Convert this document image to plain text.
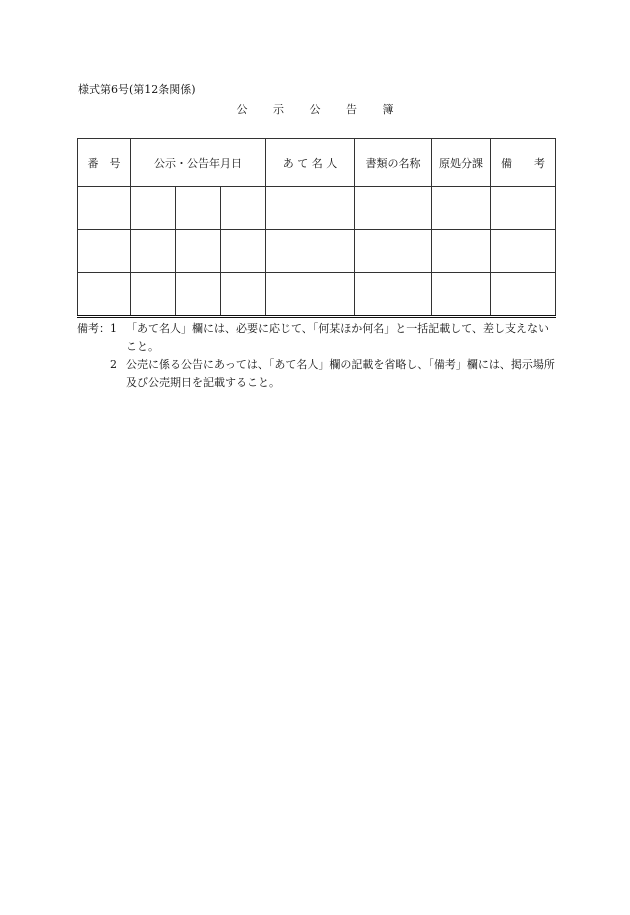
様式第6号(第12条関係)
公 示 公 告 簿
番　号	公示・公告年月日			あ て 名 人	書類の名称	原処分課	備　　考

備考： 1 「あて名人」欄には、必要に応じて、「何某ほか何名」と一括記載して、差し支えないこと。
2 公売に係る公告にあっては、「あて名人」欄の記載を省略し、「備考」欄には、掲示場所及び公売期日を記載すること。
